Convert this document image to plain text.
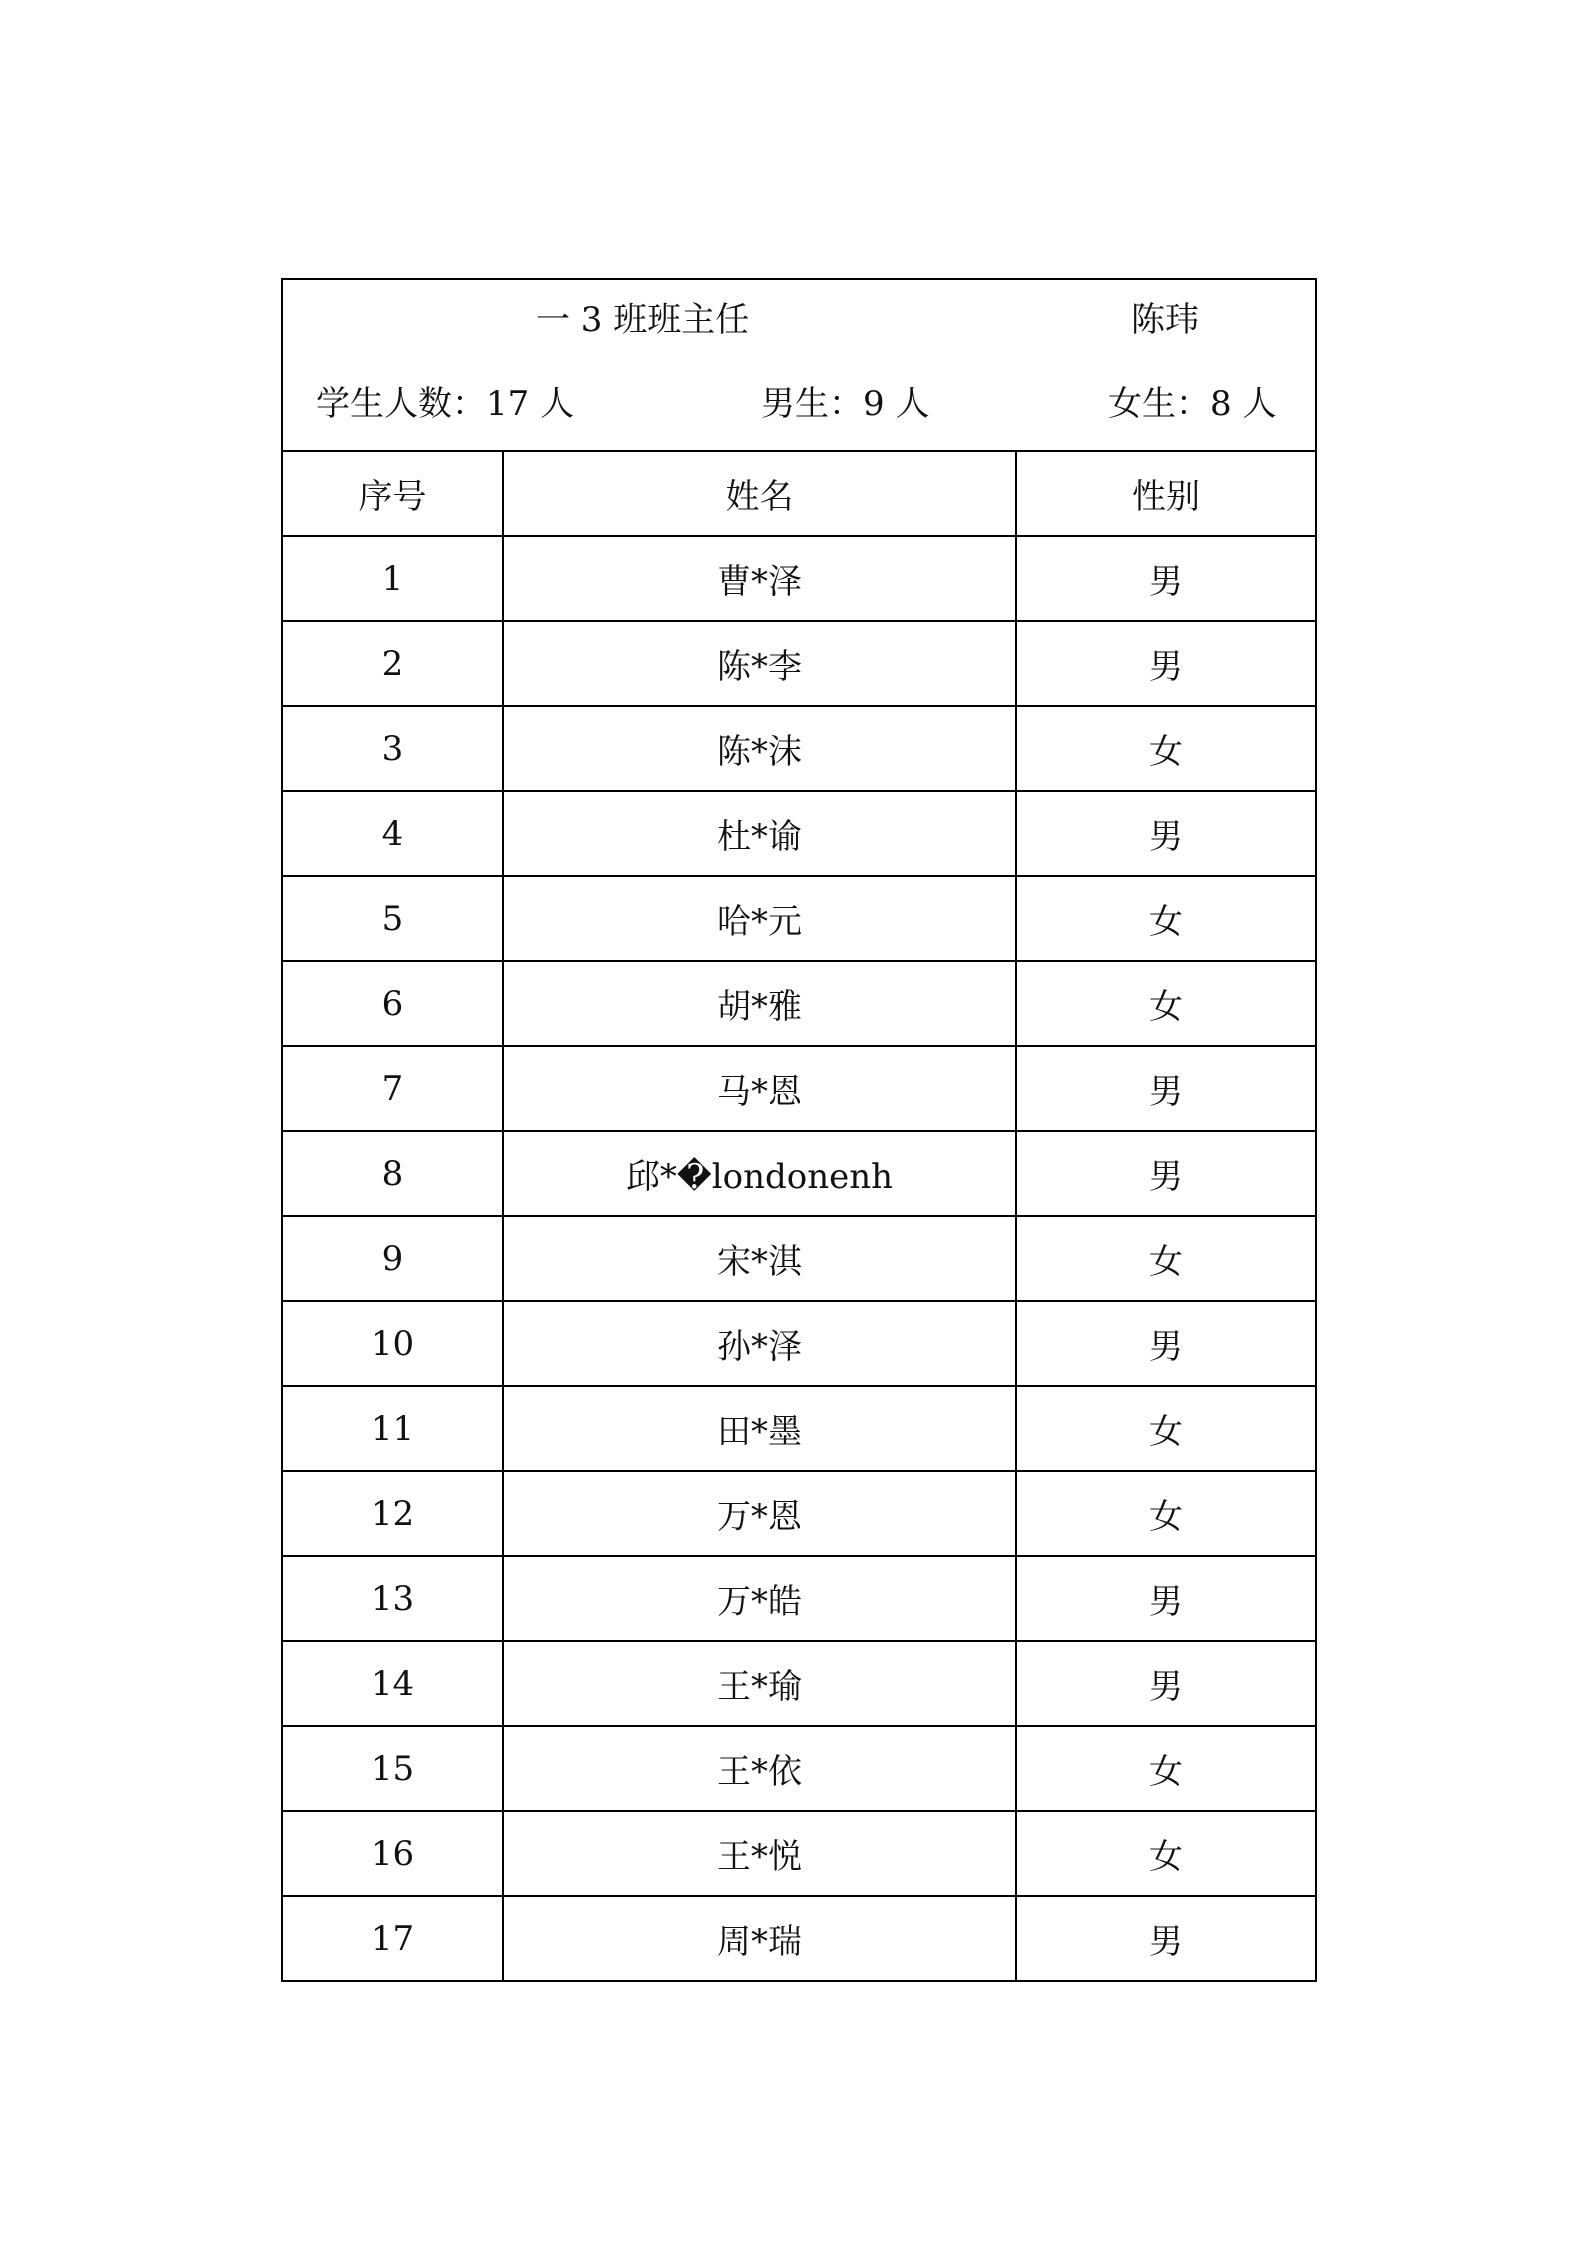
一 3 班班主任	陈玮
学生人数：17 人	男生：9 人	女生：8 人
序号	姓名	性别
1	曹*泽	男
2	陈*李	男
3	陈*沫	女
4	杜*谕	男
5	哈*元	女
6	胡*雅	女
7	马*恩	男
8	邱*�londonenh	男
9	宋*淇	女
10	孙*泽	男
11	田*墨	女
12	万*恩	女
13	万*皓	男
14	王*瑜	男
15	王*依	女
16	王*悦	女
17	周*瑞	男
